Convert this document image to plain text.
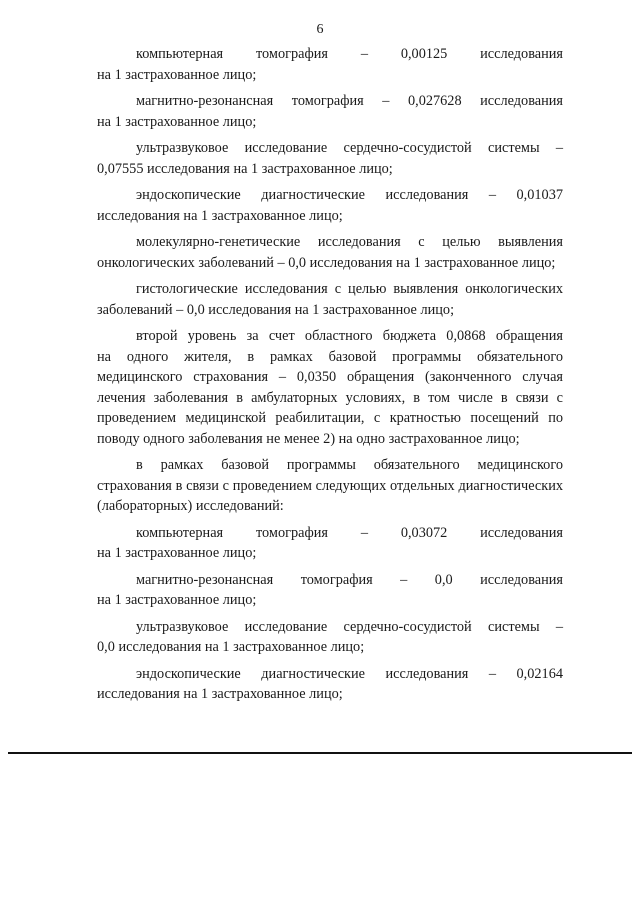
6

компьютерная томография – 0,00125 исследования
на 1 застрахованное лицо;

магнитно-резонансная томография – 0,027628 исследования
на 1 застрахованное лицо;

ультразвуковое исследование сердечно-сосудистой системы –
0,07555 исследования на 1 застрахованное лицо;

эндоскопические диагностические исследования – 0,01037
исследования на 1 застрахованное лицо;

молекулярно-генетические исследования с целью выявления
онкологических заболеваний – 0,0 исследования на 1 застрахованное лицо;

гистологические исследования с целью выявления онкологических
заболеваний – 0,0 исследования на 1 застрахованное лицо;

второй уровень за счет областного бюджета 0,0868 обращения
на одного жителя, в рамках базовой программы обязательного медицинского страхования – 0,0350 обращения (законченного случая лечения заболевания в амбулаторных условиях, в том числе в связи с проведением медицинской реабилитации, с кратностью посещений по поводу одного заболевания не менее 2) на одно застрахованное лицо;

в рамках базовой программы обязательного медицинского
страхования в связи с проведением следующих отдельных диагностических (лабораторных) исследований:

компьютерная томография – 0,03072 исследования
на 1 застрахованное лицо;

магнитно-резонансная томография – 0,0 исследования
на 1 застрахованное лицо;

ультразвуковое исследование сердечно-сосудистой системы –
0,0 исследования на 1 застрахованное лицо;

эндоскопические диагностические исследования – 0,02164
исследования на 1 застрахованное лицо;
